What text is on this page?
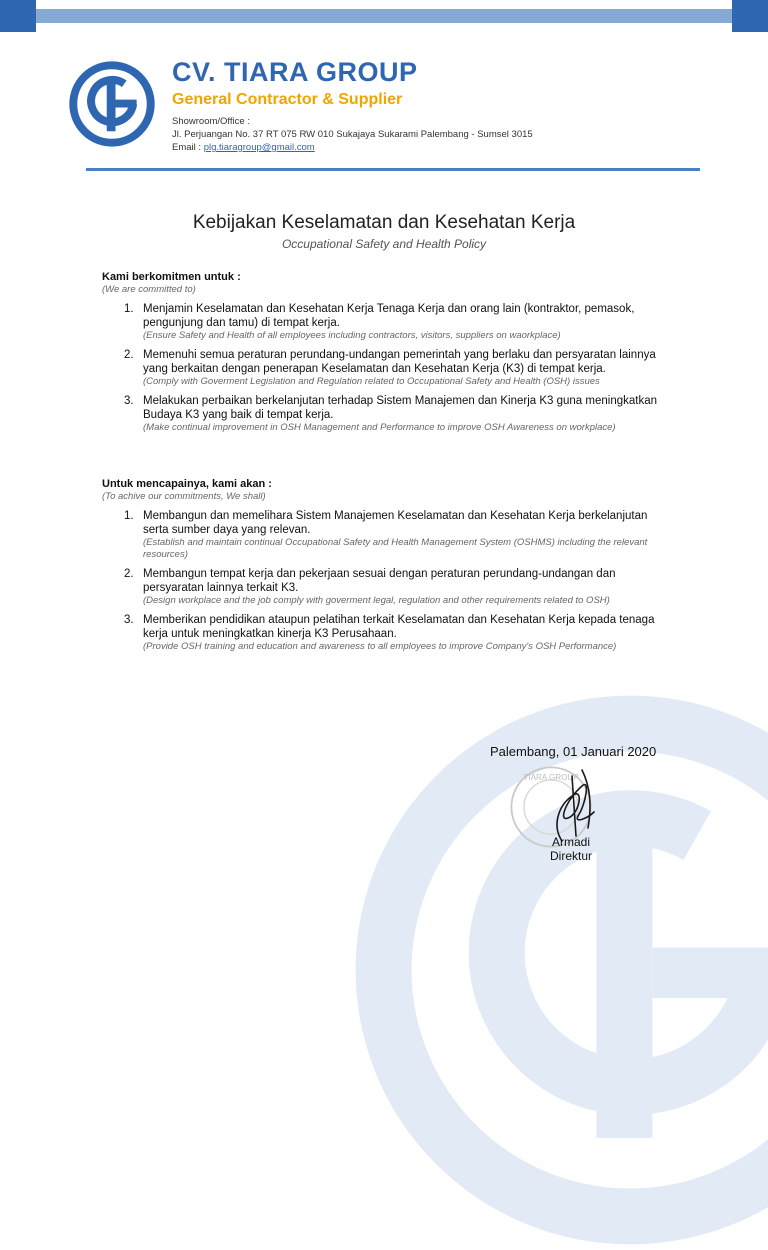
CV. TIARA GROUP
General Contractor & Supplier
Showroom/Office :
Jl. Perjuangan No. 37 RT 075 RW 010 Sukajaya Sukarami Palembang - Sumsel 3015
Email : plg.tiaragroup@gmail.com
Kebijakan Keselamatan dan Kesehatan Kerja
Occupational Safety and Health Policy
Kami berkomitmen untuk :
(We are committed to)
1. Menjamin Keselamatan dan Kesehatan Kerja Tenaga Kerja dan orang lain (kontraktor, pemasok, pengunjung dan tamu) di tempat kerja.
(Ensure Safety and Health of all employees including contractors, visitors, suppliers on waorkplace)
2. Memenuhi semua peraturan perundang-undangan pemerintah yang berlaku dan persyaratan lainnya yang berkaitan dengan penerapan Keselamatan dan Kesehatan Kerja (K3) di tempat kerja.
(Comply with Goverment Legislation and Regulation related to Occupational Safety and Health (OSH) issues
3. Melakukan perbaikan berkelanjutan terhadap Sistem Manajemen dan Kinerja K3 guna meningkatkan Budaya K3 yang baik di tempat kerja.
(Make continual improvement in OSH Management and Performance to improve OSH Awareness on workplace)
Untuk mencapainya, kami akan :
(To achive our commitments, We shall)
1. Membangun dan memelihara Sistem Manajemen Keselamatan dan Kesehatan Kerja berkelanjutan serta sumber daya yang relevan.
(Establish and maintain continual Occupational Safety and Health Management System (OSHMS) including the relevant resources)
2. Membangun tempat kerja dan pekerjaan sesuai dengan peraturan perundang-undangan dan persyaratan lainnya terkait K3.
(Design workplace and the job comply with goverment legal, regulation and other requirements related to OSH)
3. Memberikan pendidikan ataupun pelatihan terkait Keselamatan dan Kesehatan Kerja kepada tenaga kerja untuk meningkatkan kinerja K3 Perusahaan.
(Provide OSH training and education and awareness to all employees to improve Company's OSH Performance)
Palembang, 01 Januari 2020
TIARA GROUP
Armadi
Direktur
